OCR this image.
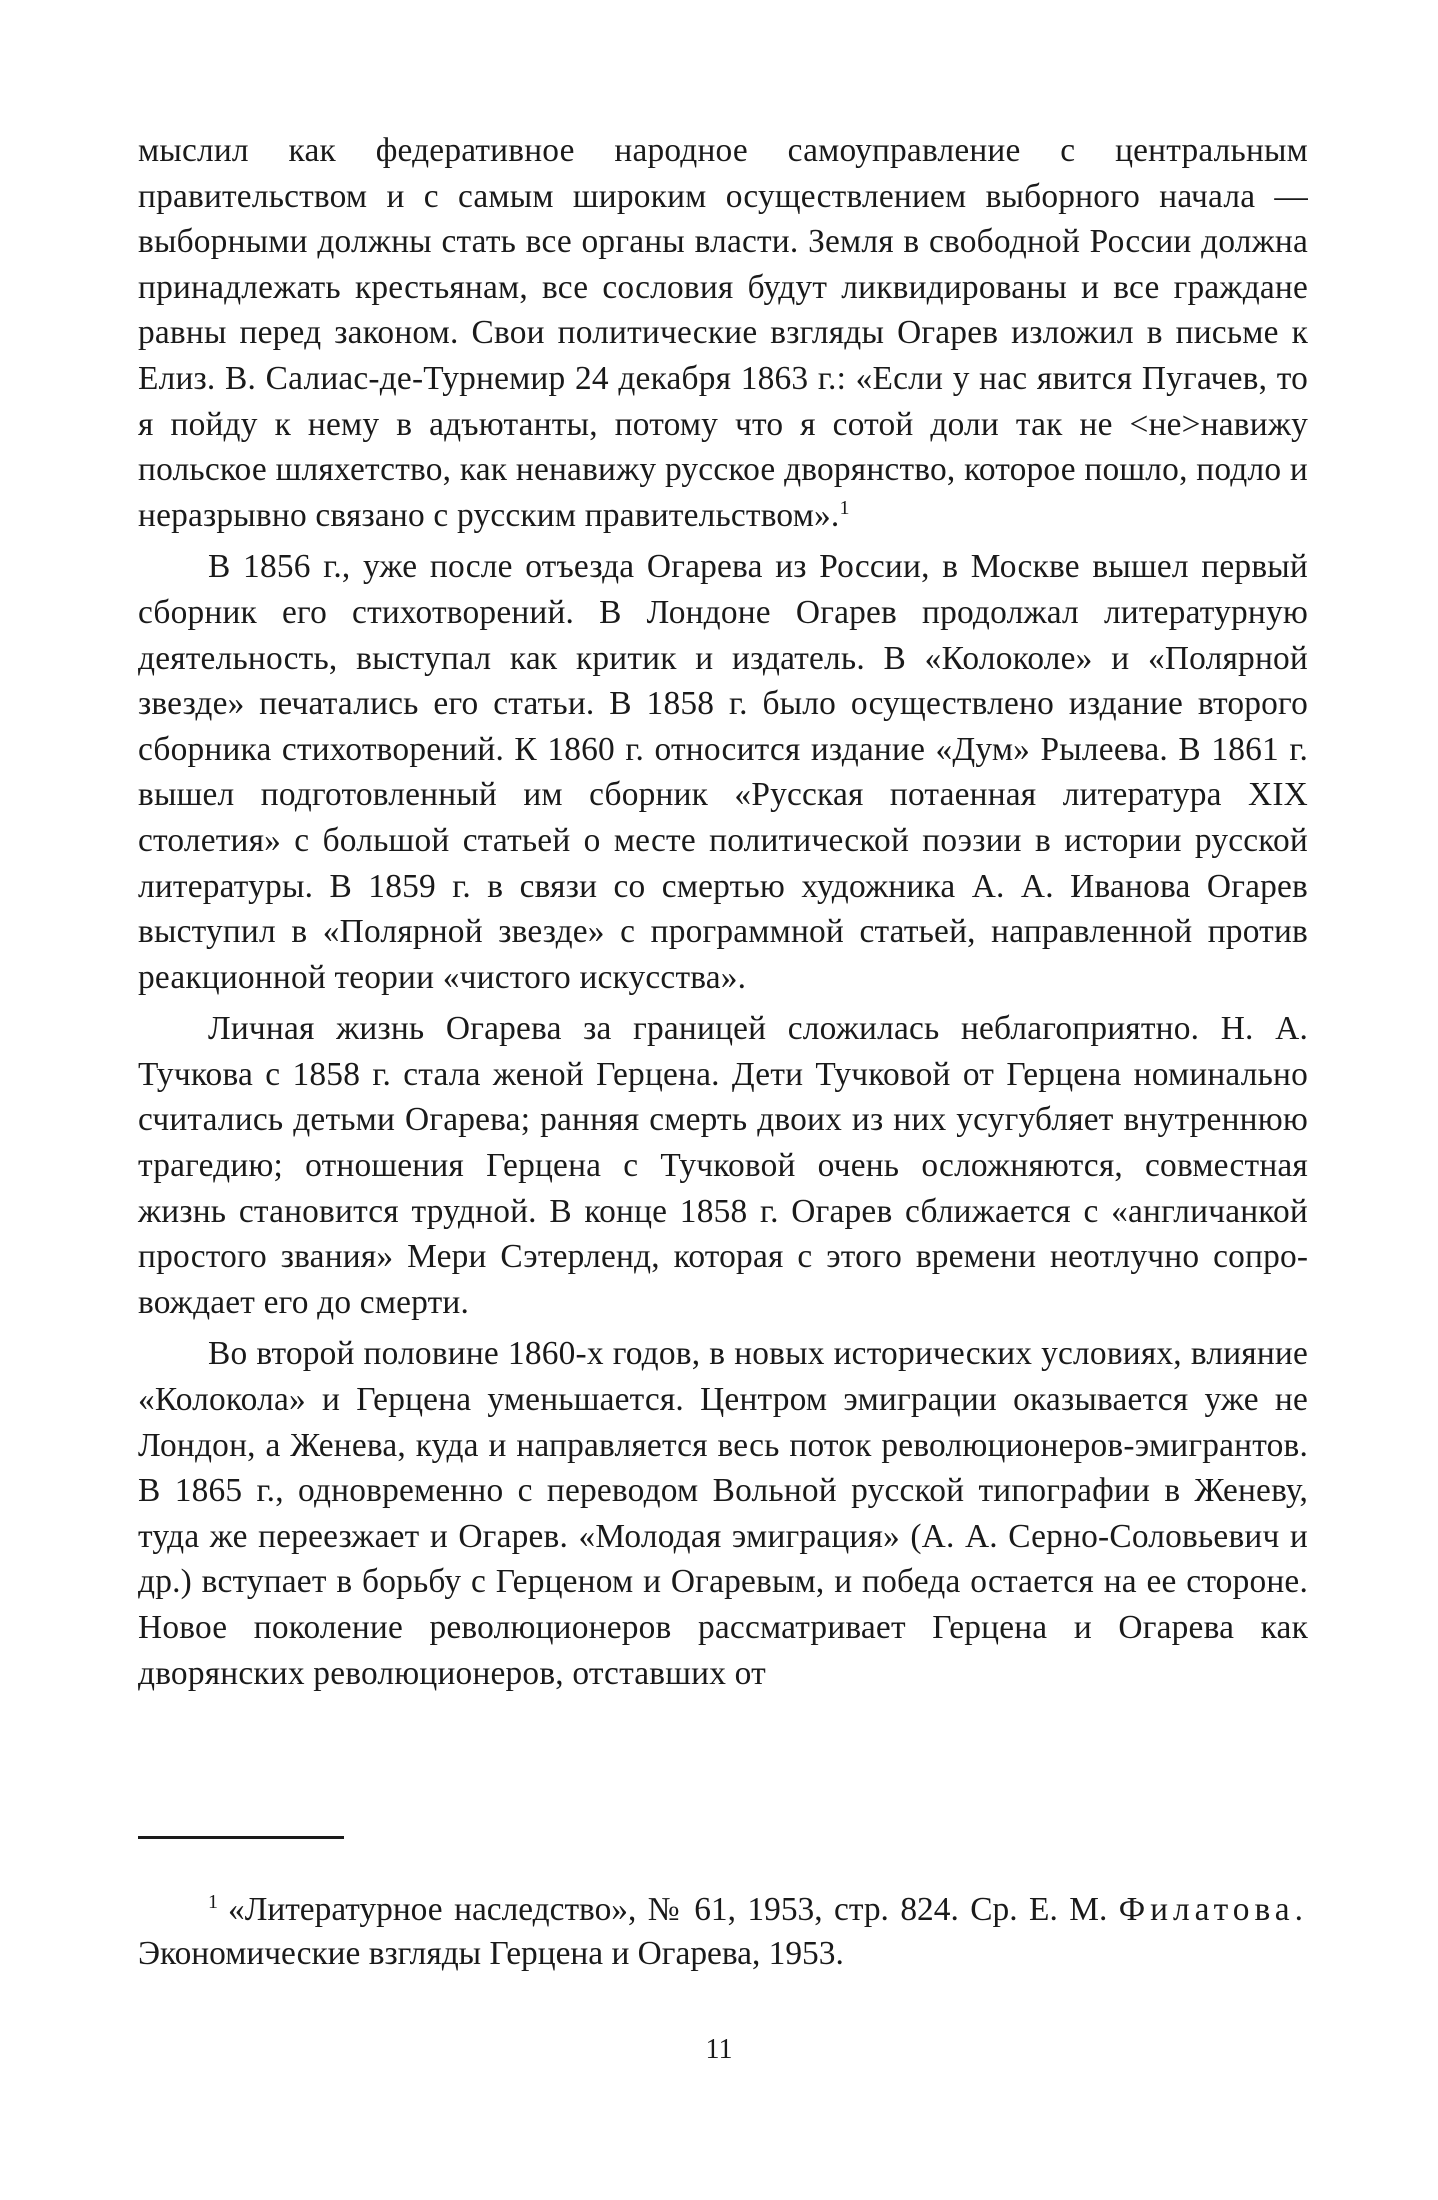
мыслил как федеративное народное самоуправление с центральным правительством и с самым широким осуществлением выборного начала — выборными должны стать все органы власти. Земля в свободной России должна принадлежать крестьянам, все сословия будут ликвидированы и все граждане равны перед законом. Свои политические взгляды Огарев изложил в письме к Елиз. В. Салиас-де-Турнемир 24 декабря 1863 г.: «Если у нас явится Пугачев, то я пойду к нему в адъютанты, потому что я сотой доли так не <не>навижу польское шляхетство, как ненавижу русское дворянство, которое пошло, подло и неразрывно связано с русским правительством».$^1$

В 1856 г., уже после отъезда Огарева из России, в Москве вышел первый сборник его стихотворений. В Лондоне Огарев продолжал литературную деятельность, выступал как критик и издатель. В «Колоколе» и «Полярной звезде» печатались его статьи. В 1858 г. было осуществлено издание второго сборника стихотворений. К 1860 г. относится издание «Дум» Рылеева. В 1861 г. вышел подготовленный им сборник «Русская потаенная литература XIX столетия» с большой статьей о месте политической поэзии в истории русской литературы. В 1859 г. в связи со смертью художника А. А. Иванова Огарев выступил в «Полярной звезде» с программной статьей, направленной против реакционной теории «чистого искусства».

Личная жизнь Огарева за границей сложилась неблагоприятно. Н. А. Тучкова с 1858 г. стала женой Герцена. Дети Тучковой от Герцена номинально считались детьми Огарева; ранняя смерть двоих из них усугубляет внутреннюю трагедию; отношения Герцена с Тучковой очень осложняются, совместная жизнь становится трудной. В конце 1858 г. Огарев сближается с «англичанкой простого звания» Мери Сэтерленд, которая с этого времени неотлучно сопровождает его до смерти.

Во второй половине 1860-х годов, в новых исторических условиях, влияние «Колокола» и Герцена уменьшается. Центром эмиграции оказывается уже не Лондон, а Женева, куда и направляется весь поток революционеров-эмигрантов. В 1865 г., одновременно с переводом Вольной русской типографии в Женеву, туда же переезжает и Огарев. «Молодая эмиграция» (А. А. Серно-Соловьевич и др.) вступает в борьбу с Герценом и Огаревым, и победа остается на ее стороне. Новое поколение революционеров рассматривает Герцена и Огарева как дворянских революционеров, отставших от

$^1$ «Литературное наследство», № 61, 1953, стр. 824. Ср. Е. М. Филатова. Экономические взгляды Герцена и Огарева, 1953.

11
